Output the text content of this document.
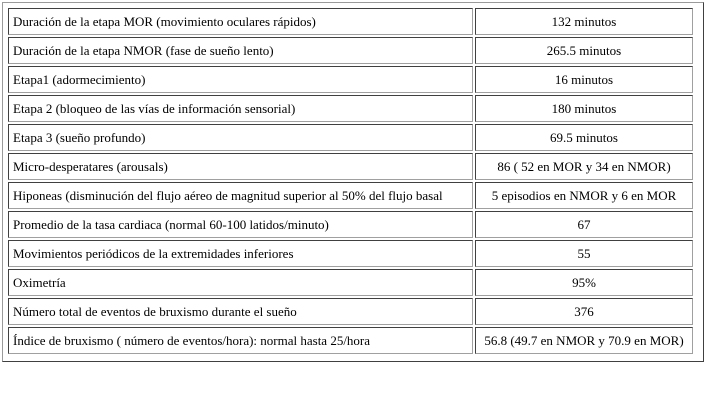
Duración de la etapa MOR (movimiento oculares rápidos)	132 minutos
Duración de la etapa NMOR (fase de sueño lento)	265.5 minutos
Etapa1 (adormecimiento)	16 minutos
Etapa 2 (bloqueo de las vías de información sensorial)	180 minutos
Etapa 3 (sueño profundo)	69.5 minutos
Micro-desperatares (arousals)	86 ( 52 en MOR y 34 en NMOR)
Hiponeas (disminución del flujo aéreo de magnitud superior al 50% del flujo basal	5 episodios en NMOR y 6 en MOR
Promedio de la tasa cardiaca (normal 60-100 latidos/minuto)	67
Movimientos periódicos de la extremidades inferiores	55
Oximetría	95%
Número total de eventos de bruxismo durante el sueño	376
Índice de bruxismo ( número de eventos/hora): normal hasta 25/hora	56.8 (49.7 en NMOR y 70.9 en MOR)
